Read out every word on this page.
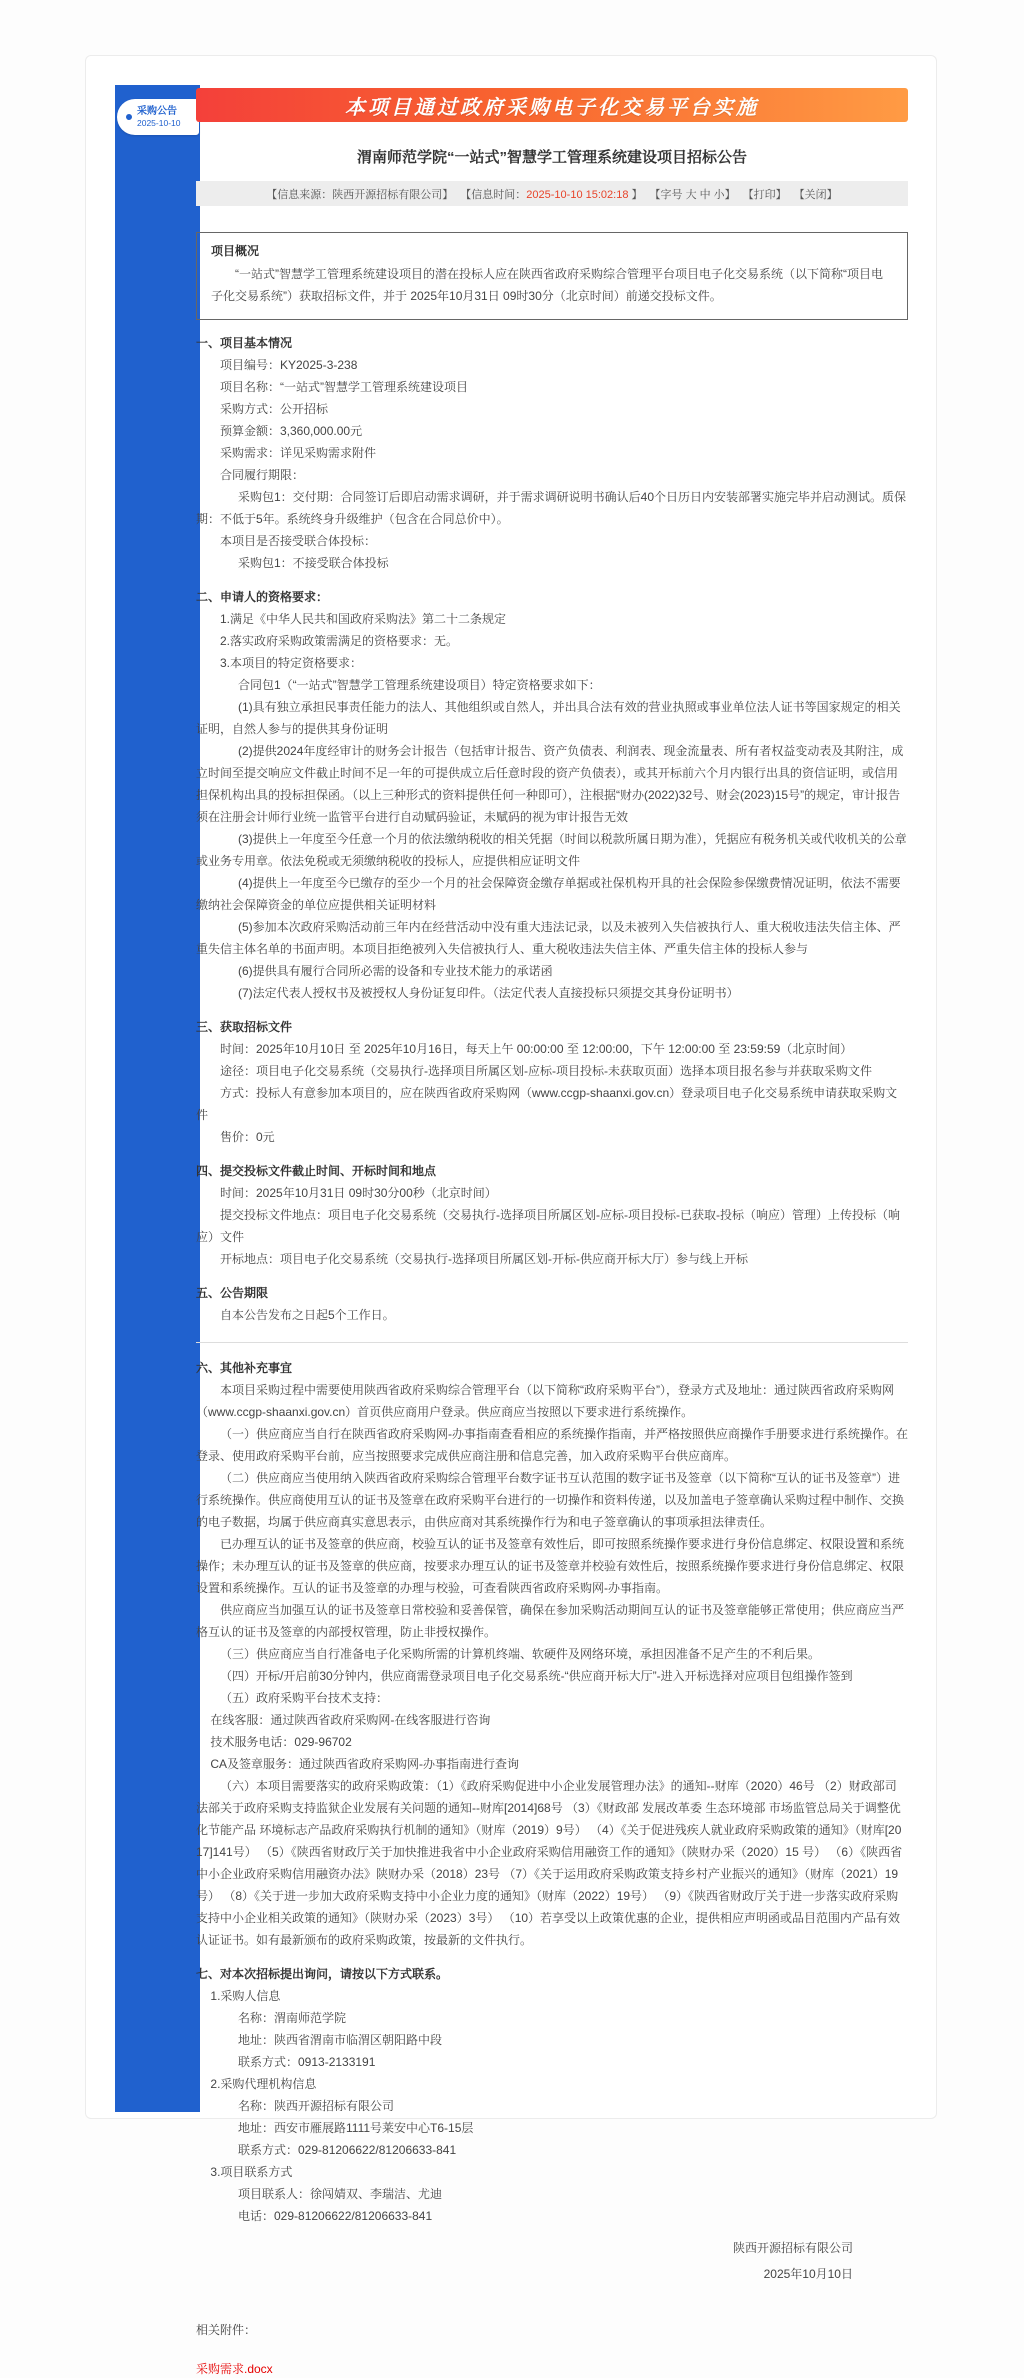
采购公告
2025-10-10
本项目通过政府采购电子化交易平台实施
渭南师范学院“一站式”智慧学工管理系统建设项目招标公告
【信息来源：陕西开源招标有限公司】 【信息时间：2025-10-10 15:02:18 】 【字号 大 中 小】 【打印】 【关闭】
项目概况

“一站式”智慧学工管理系统建设项目的潜在投标人应在陕西省政府采购综合管理平台项目电子化交易系统（以下简称“项目电子化交易系统”）获取招标文件，并于 2025年10月31日 09时30分（北京时间）前递交投标文件。

一、项目基本情况

项目编号：KY2025-3-238

项目名称：“一站式”智慧学工管理系统建设项目

采购方式：公开招标

预算金额：3,360,000.00元

采购需求：详见采购需求附件

合同履行期限：

采购包1：交付期：合同签订后即启动需求调研，并于需求调研说明书确认后40个日历日内安装部署实施完毕并启动测试。质保期：不低于5年。系统终身升级维护（包含在合同总价中）。

本项目是否接受联合体投标：

采购包1：不接受联合体投标

二、申请人的资格要求：

1.满足《中华人民共和国政府采购法》第二十二条规定

2.落实政府采购政策需满足的资格要求：无。

3.本项目的特定资格要求：

合同包1（“一站式”智慧学工管理系统建设项目）特定资格要求如下：

(1)具有独立承担民事责任能力的法人、其他组织或自然人，并出具合法有效的营业执照或事业单位法人证书等国家规定的相关证明，自然人参与的提供其身份证明

(2)提供2024年度经审计的财务会计报告（包括审计报告、资产负债表、利润表、现金流量表、所有者权益变动表及其附注，成立时间至提交响应文件截止时间不足一年的可提供成立后任意时段的资产负债表），或其开标前六个月内银行出具的资信证明，或信用担保机构出具的投标担保函。（以上三种形式的资料提供任何一种即可），注根据“财办(2022)32号、财会(2023)15号”的规定，审计报告须在注册会计师行业统一监管平台进行自动赋码验证，未赋码的视为审计报告无效

(3)提供上一年度至今任意一个月的依法缴纳税收的相关凭据（时间以税款所属日期为准），凭据应有税务机关或代收机关的公章或业务专用章。依法免税或无须缴纳税收的投标人，应提供相应证明文件

(4)提供上一年度至今已缴存的至少一个月的社会保障资金缴存单据或社保机构开具的社会保险参保缴费情况证明，依法不需要缴纳社会保障资金的单位应提供相关证明材料

(5)参加本次政府采购活动前三年内在经营活动中没有重大违法记录，以及未被列入失信被执行人、重大税收违法失信主体、严重失信主体名单的书面声明。本项目拒绝被列入失信被执行人、重大税收违法失信主体、严重失信主体的投标人参与

(6)提供具有履行合同所必需的设备和专业技术能力的承诺函

(7)法定代表人授权书及被授权人身份证复印件。（法定代表人直接投标只须提交其身份证明书）

三、获取招标文件

时间：2025年10月10日 至 2025年10月16日，每天上午 00:00:00 至 12:00:00，下午 12:00:00 至 23:59:59（北京时间）

途径：项目电子化交易系统（交易执行-选择项目所属区划-应标-项目投标-未获取页面）选择本项目报名参与并获取采购文件

方式：投标人有意参加本项目的，应在陕西省政府采购网（www.ccgp-shaanxi.gov.cn）登录项目电子化交易系统申请获取采购文件

售价：0元

四、提交投标文件截止时间、开标时间和地点

时间：2025年10月31日 09时30分00秒（北京时间）

提交投标文件地点：项目电子化交易系统（交易执行-选择项目所属区划-应标-项目投标-已获取-投标（响应）管理）上传投标（响应）文件

开标地点：项目电子化交易系统（交易执行-选择项目所属区划-开标-供应商开标大厅）参与线上开标

五、公告期限

自本公告发布之日起5个工作日。

六、其他补充事宜

本项目采购过程中需要使用陕西省政府采购综合管理平台（以下简称“政府采购平台”），登录方式及地址：通过陕西省政府采购网（www.ccgp-shaanxi.gov.cn）首页供应商用户登录。供应商应当按照以下要求进行系统操作。

（一）供应商应当自行在陕西省政府采购网-办事指南查看相应的系统操作指南，并严格按照供应商操作手册要求进行系统操作。在登录、使用政府采购平台前，应当按照要求完成供应商注册和信息完善，加入政府采购平台供应商库。

（二）供应商应当使用纳入陕西省政府采购综合管理平台数字证书互认范围的数字证书及签章（以下简称“互认的证书及签章”）进行系统操作。供应商使用互认的证书及签章在政府采购平台进行的一切操作和资料传递，以及加盖电子签章确认采购过程中制作、交换的电子数据，均属于供应商真实意思表示，由供应商对其系统操作行为和电子签章确认的事项承担法律责任。

已办理互认的证书及签章的供应商，校验互认的证书及签章有效性后，即可按照系统操作要求进行身份信息绑定、权限设置和系统操作；未办理互认的证书及签章的供应商，按要求办理互认的证书及签章并校验有效性后，按照系统操作要求进行身份信息绑定、权限设置和系统操作。互认的证书及签章的办理与校验，可查看陕西省政府采购网-办事指南。

供应商应当加强互认的证书及签章日常校验和妥善保管，确保在参加采购活动期间互认的证书及签章能够正常使用；供应商应当严格互认的证书及签章的内部授权管理，防止非授权操作。

（三）供应商应当自行准备电子化采购所需的计算机终端、软硬件及网络环境，承担因准备不足产生的不利后果。

（四）开标/开启前30分钟内，供应商需登录项目电子化交易系统-“供应商开标大厅”-进入开标选择对应项目包组操作签到

（五）政府采购平台技术支持：

在线客服：通过陕西省政府采购网-在线客服进行咨询

技术服务电话：029-96702

CA及签章服务：通过陕西省政府采购网-办事指南进行查询

（六）本项目需要落实的政府采购政策：（1）《政府采购促进中小企业发展管理办法》的通知--财库（2020）46号 （2）财政部司法部关于政府采购支持监狱企业发展有关问题的通知--财库[2014]68号 （3）《财政部 发展改革委 生态环境部 市场监管总局关于调整优化节能产品 环境标志产品政府采购执行机制的通知》（财库（2019）9号） （4）《关于促进残疾人就业政府采购政策的通知》（财库[2017]141号） （5）《陕西省财政厅关于加快推进我省中小企业政府采购信用融资工作的通知》（陕财办采（2020）15 号） （6）《陕西省中小企业政府采购信用融资办法》陕财办采（2018）23号 （7）《关于运用政府采购政策支持乡村产业振兴的通知》（财库（2021）19 号） （8）《关于进一步加大政府采购支持中小企业力度的通知》（财库（2022）19号） （9）《陕西省财政厅关于进一步落实政府采购支持中小企业相关政策的通知》（陕财办采（2023）3号） （10）若享受以上政策优惠的企业，提供相应声明函或品目范围内产品有效认证证书。如有最新颁布的政府采购政策，按最新的文件执行。

七、对本次招标提出询问，请按以下方式联系。

1.采购人信息

名称：渭南师范学院

地址：陕西省渭南市临渭区朝阳路中段

联系方式：0913-2133191

2.采购代理机构信息

名称：陕西开源招标有限公司

地址：西安市雁展路1111号莱安中心T6-15层

联系方式：029-81206622/81206633-841

3.项目联系方式

项目联系人：徐闯婧双、李瑞洁、尤迪

电话：029-81206622/81206633-841

陕西开源招标有限公司
2025年10月10日
相关附件：
采购需求.docx
